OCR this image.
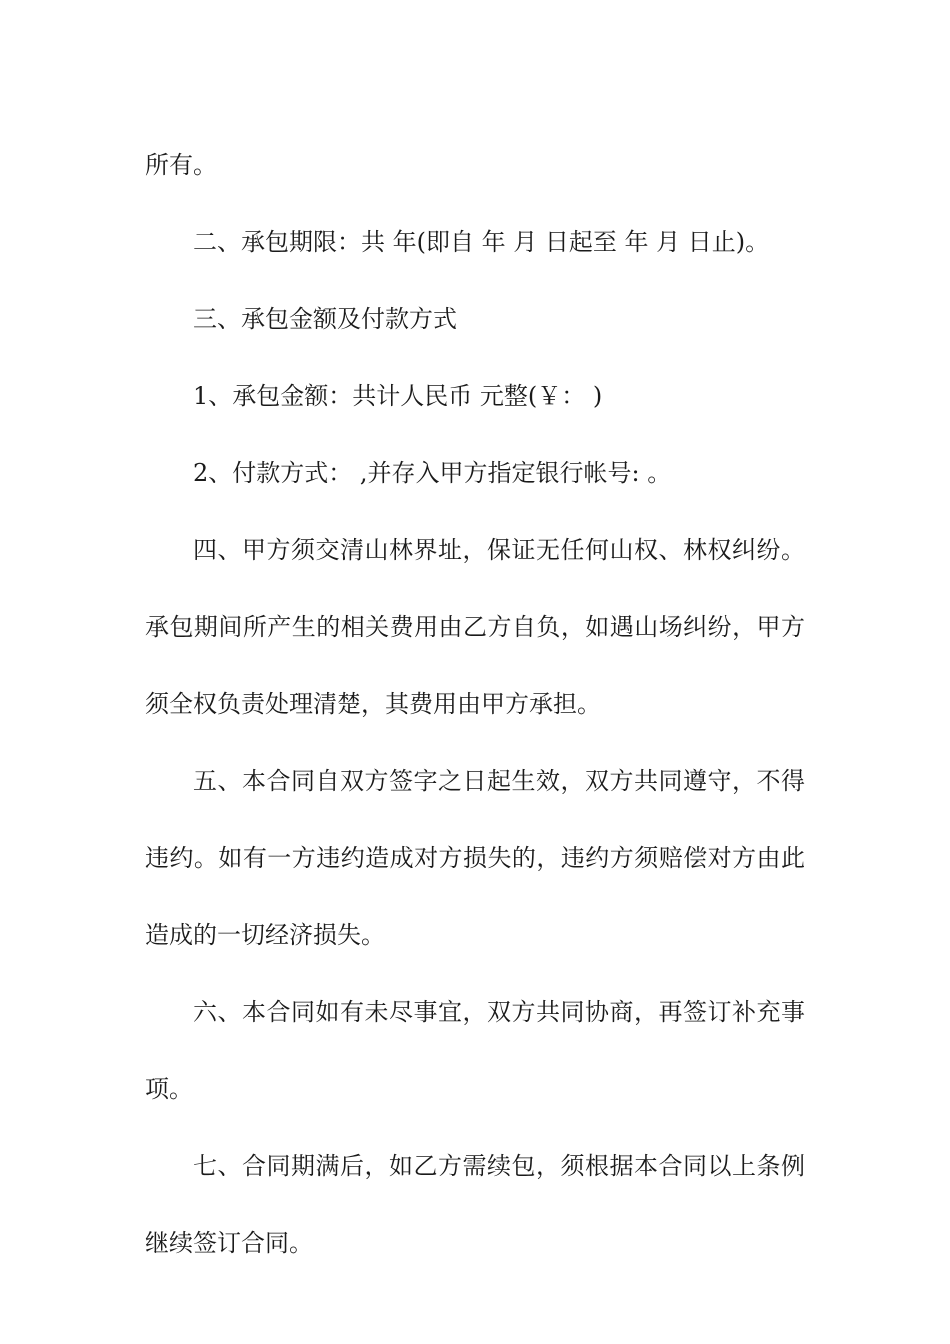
所有。

二、承包期限：共 年(即自 年 月 日起至 年 月 日止)。

三、承包金额及付款方式

1、承包金额：共计人民币 元整(￥： )

2、付款方式： ,并存入甲方指定银行帐号: 。

四、甲方须交清山林界址，保证无任何山权、林权纠纷。承包期间所产生的相关费用由乙方自负，如遇山场纠纷，甲方须全权负责处理清楚，其费用由甲方承担。

五、本合同自双方签字之日起生效，双方共同遵守，不得违约。如有一方违约造成对方损失的，违约方须赔偿对方由此造成的一切经济损失。

六、本合同如有未尽事宜，双方共同协商，再签订补充事项。

七、合同期满后，如乙方需续包，须根据本合同以上条例继续签订合同。
